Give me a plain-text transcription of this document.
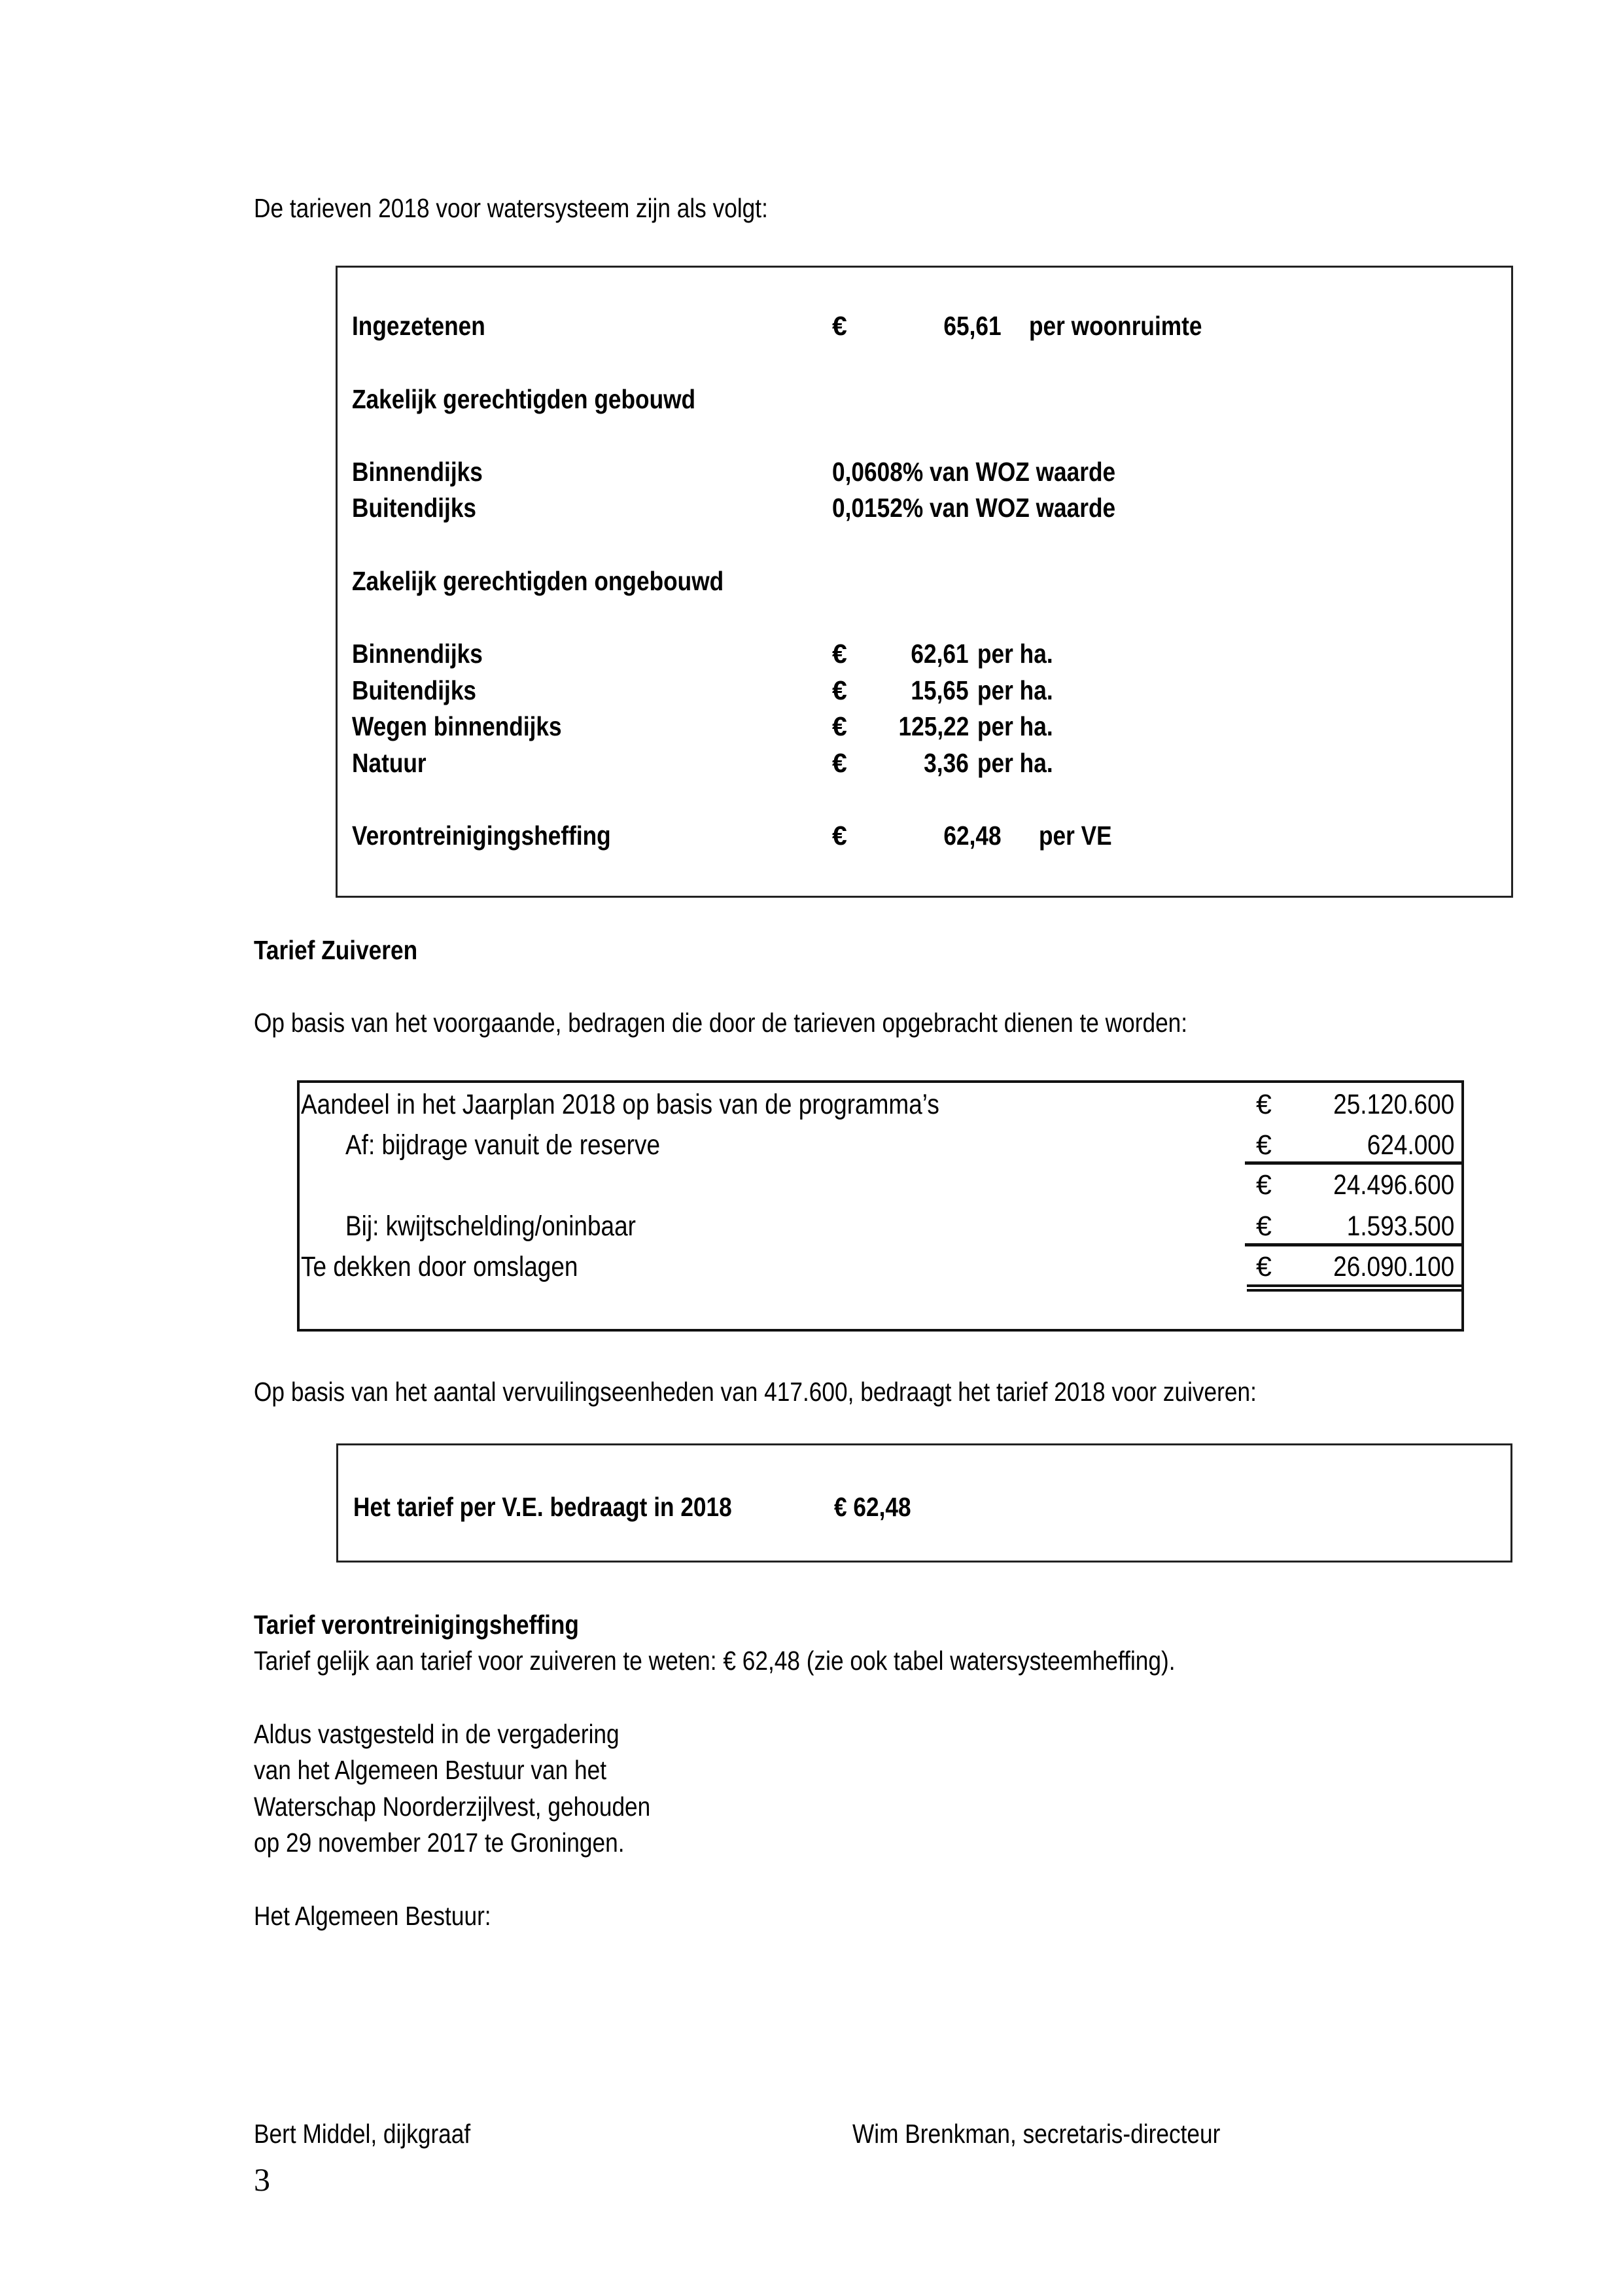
De tarieven 2018 voor watersysteem zijn als volgt:
Ingezetenen	€	65,61 per woonruimte
Zakelijk gerechtigden gebouwd
Binnendijks	0,0608% van WOZ waarde
Buitendijks	0,0152% van WOZ waarde
Zakelijk gerechtigden ongebouwd
Binnendijks	€ 62,61 per ha.
Buitendijks	€ 15,65 per ha.
Wegen binnendijks	€ 125,22 per ha.
Natuur	€	3,36 per ha.
Verontreinigingsheffing	€	62,48 per VE
Tarief Zuiveren
Op basis van het voorgaande, bedragen die door de tarieven opgebracht dienen te worden:
Aandeel in het Jaarplan 2018 op basis van de programma’s	€ 25.120.600
Af: bijdrage vanuit de reserve	€	624.000
€ 24.496.600
Bij: kwijtschelding/oninbaar	€	1.593.500
Te dekken door omslagen	€ 26.090.100
Op basis van het aantal vervuilingseenheden van 417.600, bedraagt het tarief 2018 voor zuiveren:
Het tarief per V.E. bedraagt in 2018	€ 62,48
Tarief verontreinigingsheffing
Tarief gelijk aan tarief voor zuiveren te weten: € 62,48 (zie ook tabel watersysteemheffing).
Aldus vastgesteld in de vergadering
van het Algemeen Bestuur van het
Waterschap Noorderzijlvest, gehouden
op 29 november 2017 te Groningen.
Het Algemeen Bestuur:
Bert Middel, dijkgraaf	Wim Brenkman, secretaris-directeur
3
